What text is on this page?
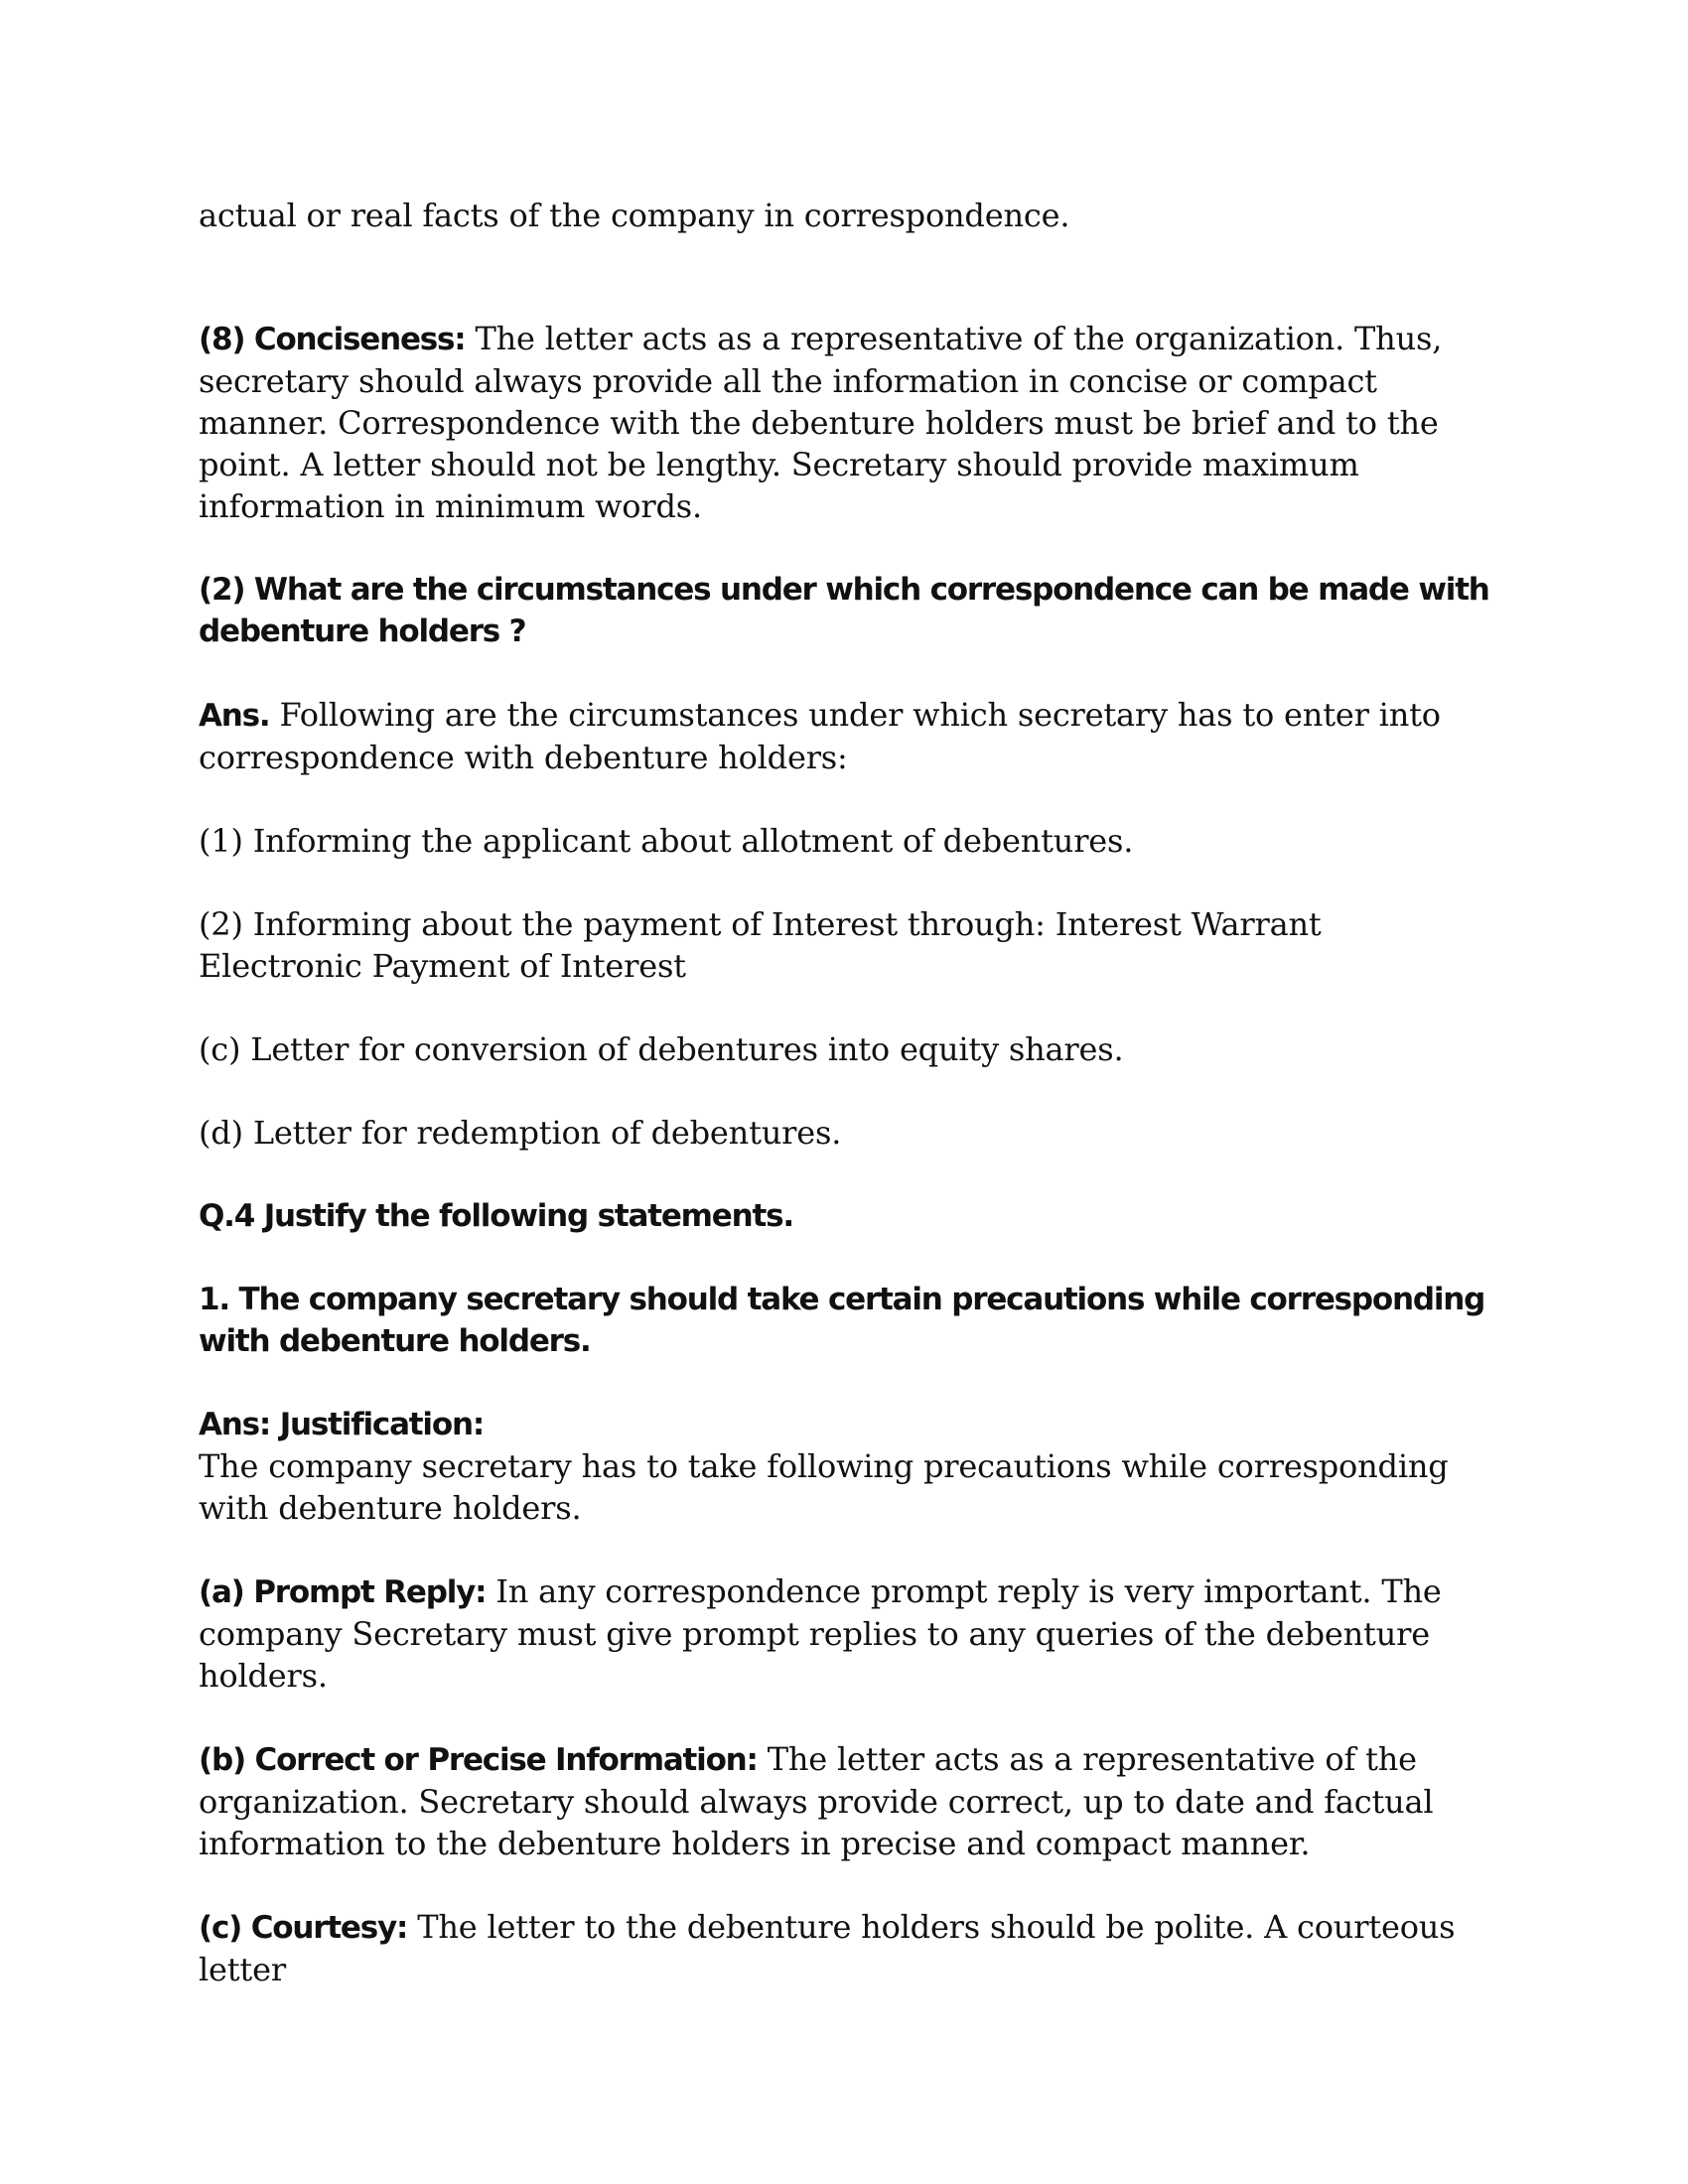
actual or real facts of the company in correspondence.

(8) Conciseness: The letter acts as a representative of the organization. Thus, secretary should always provide all the information in concise or compact manner. Correspondence with the debenture holders must be brief and to the point. A letter should not be lengthy. Secretary should provide maximum information in minimum words.

(2) What are the circumstances under which correspondence can be made with debenture holders ?

Ans. Following are the circumstances under which secretary has to enter into correspondence with debenture holders:

(1) Informing the applicant about allotment of debentures.

(2) Informing about the payment of Interest through: Interest Warrant
Electronic Payment of Interest

(c) Letter for conversion of debentures into equity shares.

(d) Letter for redemption of debentures.

Q.4 Justify the following statements.
1. The company secretary should take certain precautions while corresponding with debenture holders.
Ans: Justification:

The company secretary has to take following precautions while corresponding with debenture holders.

(a) Prompt Reply: In any correspondence prompt reply is very important. The company Secretary must give prompt replies to any queries of the debenture holders.

(b) Correct or Precise Information: The letter acts as a representative of the organization. Secretary should always provide correct, up to date and factual information to the debenture holders in precise and compact manner.

(c) Courtesy: The letter to the debenture holders should be polite. A courteous letter
